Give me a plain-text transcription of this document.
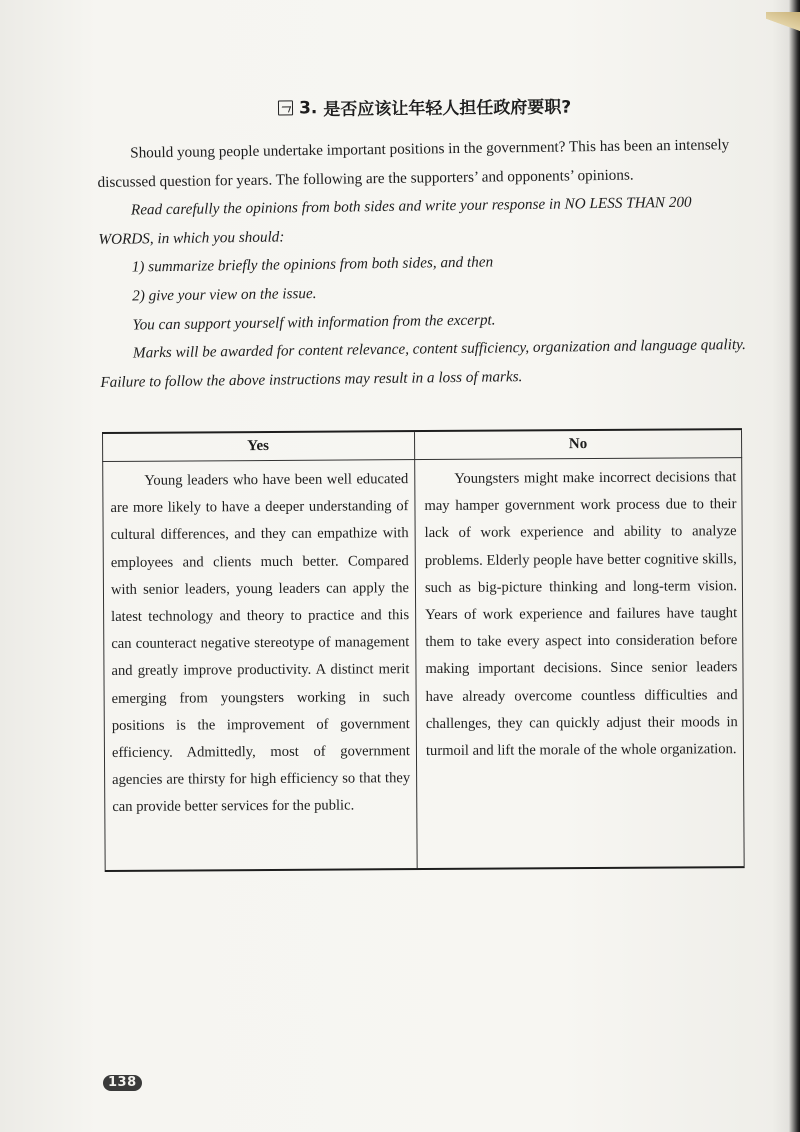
3. 是否应该让年轻人担任政府要职?

Should young people undertake important positions in the government? This has been an intensely discussed question for years. The following are the supporters’ and opponents’ opinions.

Read carefully the opinions from both sides and write your response in NO LESS THAN 200 WORDS, in which you should:

1) summarize briefly the opinions from both sides, and then

2) give your view on the issue.

You can support yourself with information from the excerpt.

Marks will be awarded for content relevance, content sufficiency, organization and language quality. Failure to follow the above instructions may result in a loss of marks.

Yes	No

Young leaders who have been well educated are more likely to have a deeper understanding of cultural differences, and they can empathize with employees and clients much better. Compared with senior leaders, young leaders can apply the latest technology and theory to practice and this can counteract negative stereotype of management and greatly improve productivity. A distinct merit emerging from youngsters working in such positions is the improvement of government efficiency. Admittedly, most of government agencies are thirsty for high efficiency so that they can provide better services for the public.

Youngsters might make incorrect decisions that may hamper government work process due to their lack of work experience and ability to analyze problems. Elderly people have better cognitive skills, such as big-picture thinking and long-term vision. Years of work experience and failures have taught them to take every aspect into consideration before making important decisions. Since senior leaders have already overcome countless difficulties and challenges, they can quickly adjust their moods in turmoil and lift the morale of the whole organization.

138
